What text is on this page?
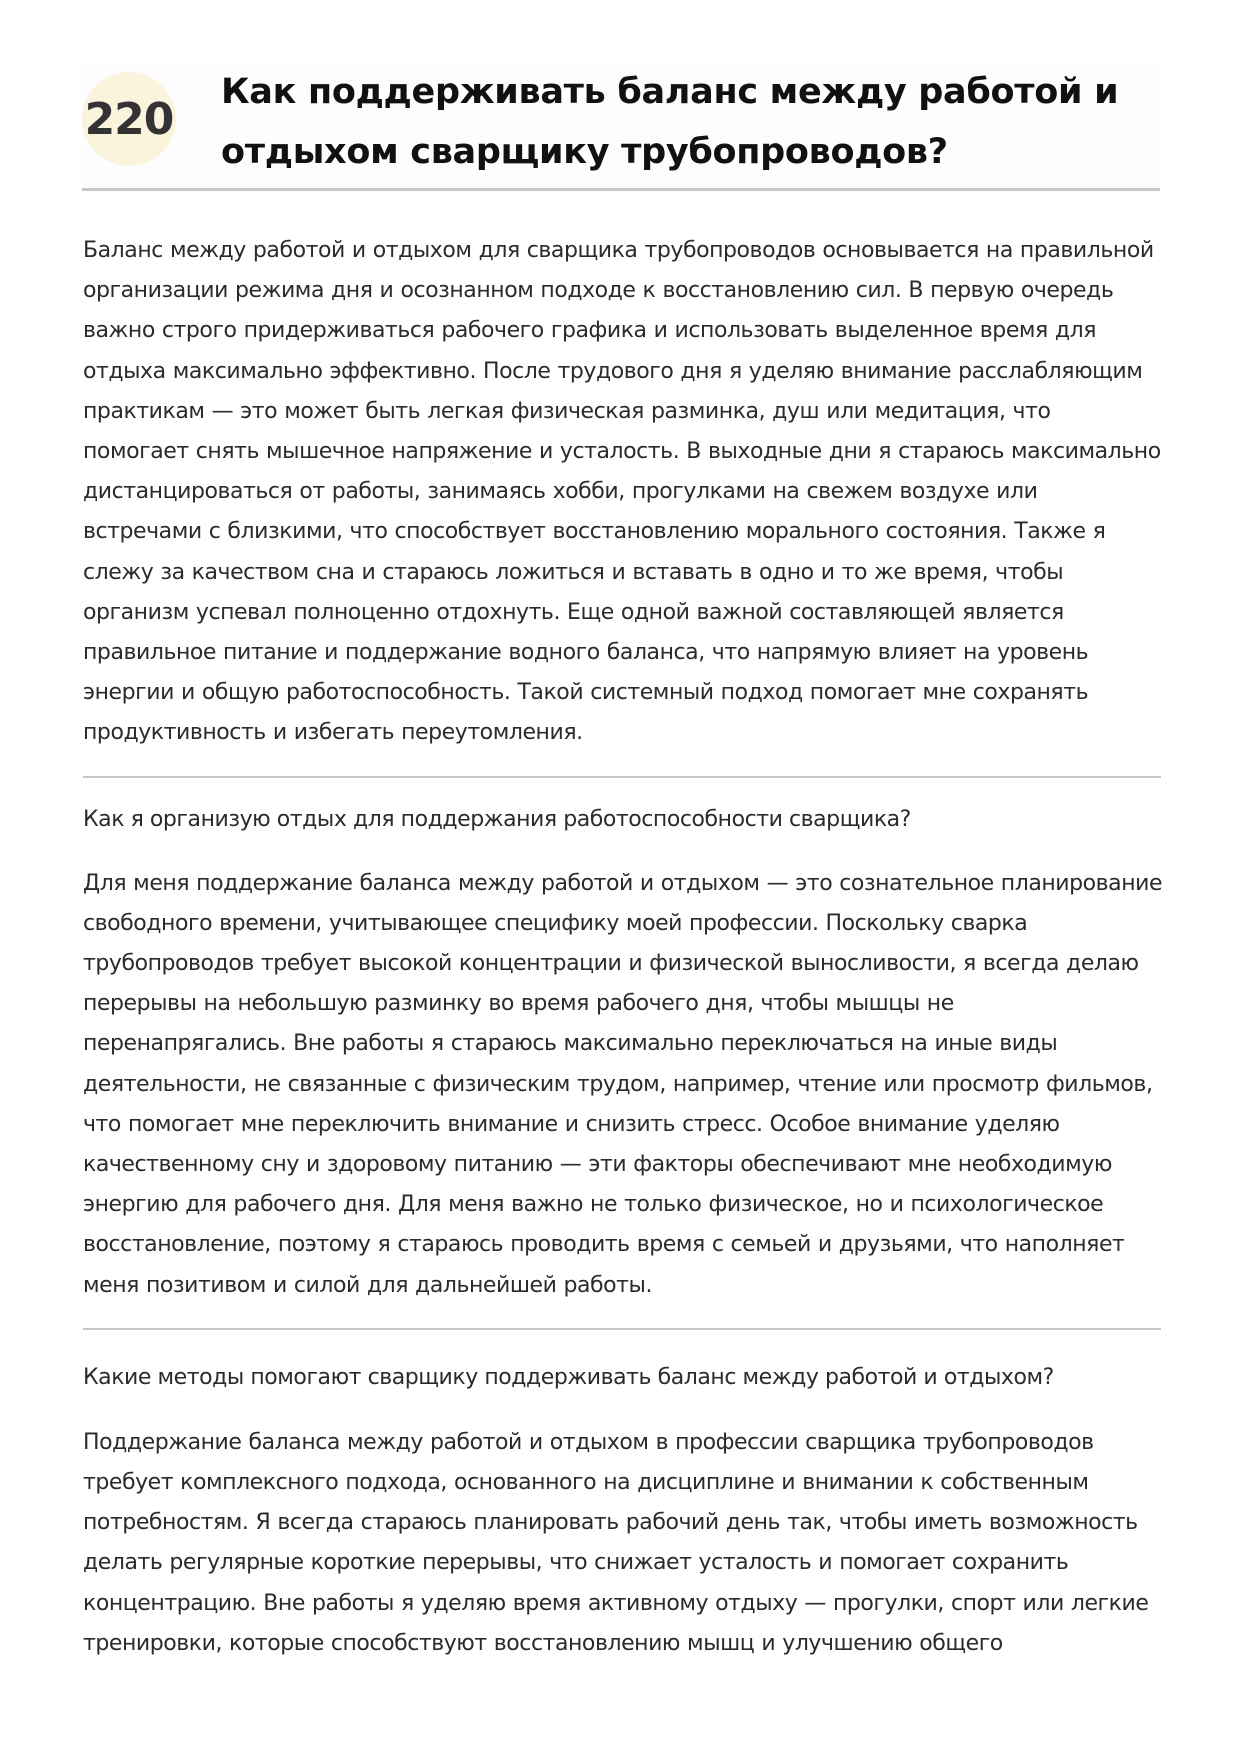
220
Как поддерживать баланс между работой и отдыхом сварщику трубопроводов?

Баланс между работой и отдыхом для сварщика трубопроводов основывается на правильной организации режима дня и осознанном подходе к восстановлению сил. В первую очередь важно строго придерживаться рабочего графика и использовать выделенное время для отдыха максимально эффективно. После трудового дня я уделяю внимание расслабляющим практикам — это может быть легкая физическая разминка, душ или медитация, что помогает снять мышечное напряжение и усталость. В выходные дни я стараюсь максимально дистанцироваться от работы, занимаясь хобби, прогулками на свежем воздухе или встречами с близкими, что способствует восстановлению морального состояния. Также я слежу за качеством сна и стараюсь ложиться и вставать в одно и то же время, чтобы организм успевал полноценно отдохнуть. Еще одной важной составляющей является правильное питание и поддержание водного баланса, что напрямую влияет на уровень энергии и общую работоспособность. Такой системный подход помогает мне сохранять продуктивность и избегать переутомления.

Как я организую отдых для поддержания работоспособности сварщика?

Для меня поддержание баланса между работой и отдыхом — это сознательное планирование свободного времени, учитывающее специфику моей профессии. Поскольку сварка трубопроводов требует высокой концентрации и физической выносливости, я всегда делаю перерывы на небольшую разминку во время рабочего дня, чтобы мышцы не перенапрягались. Вне работы я стараюсь максимально переключаться на иные виды деятельности, не связанные с физическим трудом, например, чтение или просмотр фильмов, что помогает мне переключить внимание и снизить стресс. Особое внимание уделяю качественному сну и здоровому питанию — эти факторы обеспечивают мне необходимую энергию для рабочего дня. Для меня важно не только физическое, но и психологическое восстановление, поэтому я стараюсь проводить время с семьей и друзьями, что наполняет меня позитивом и силой для дальнейшей работы.

Какие методы помогают сварщику поддерживать баланс между работой и отдыхом?

Поддержание баланса между работой и отдыхом в профессии сварщика трубопроводов требует комплексного подхода, основанного на дисциплине и внимании к собственным потребностям. Я всегда стараюсь планировать рабочий день так, чтобы иметь возможность делать регулярные короткие перерывы, что снижает усталость и помогает сохранить концентрацию. Вне работы я уделяю время активному отдыху — прогулки, спорт или легкие тренировки, которые способствуют восстановлению мышц и улучшению общего
